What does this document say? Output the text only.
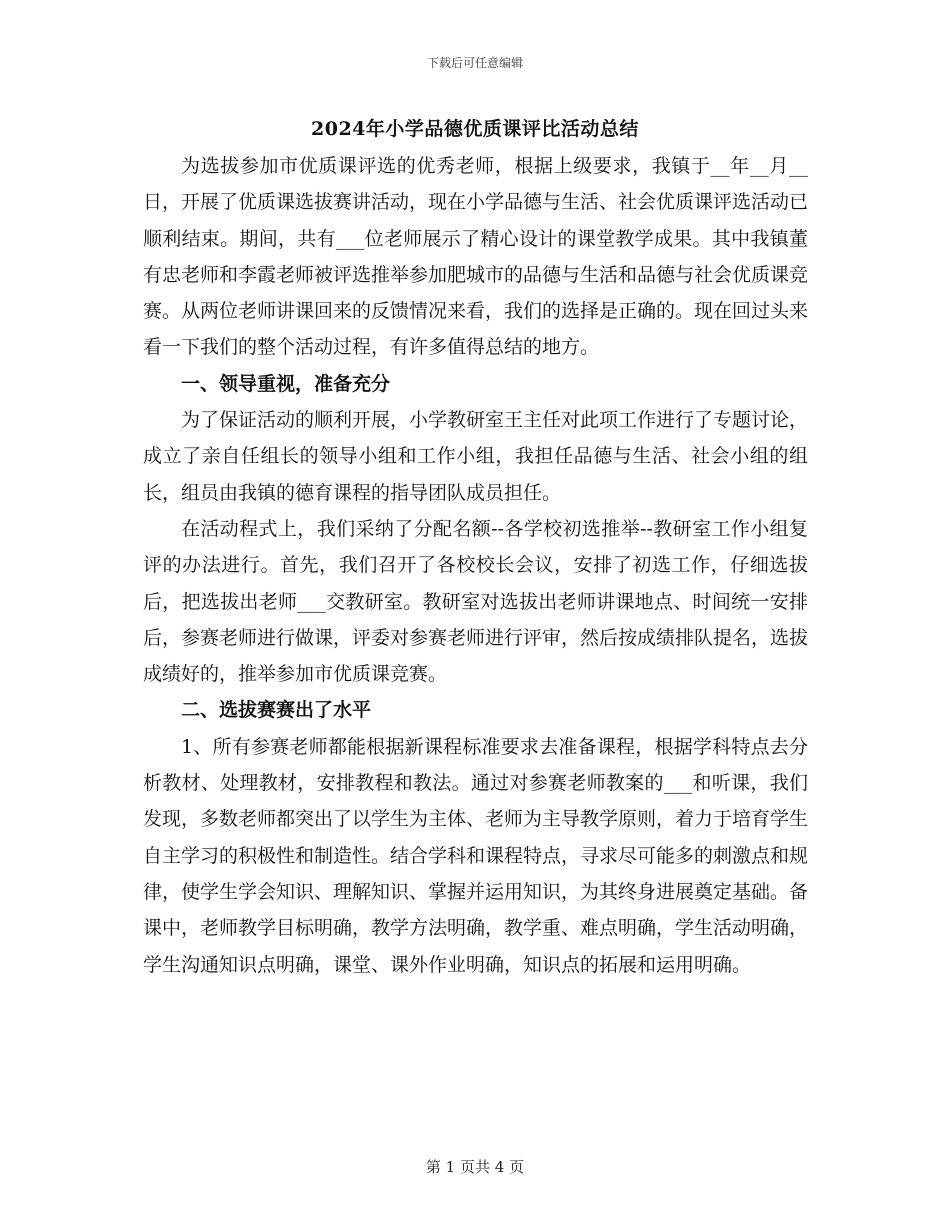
下载后可任意编辑
2024年小学品德优质课评比活动总结

为选拔参加市优质课评选的优秀老师，根据上级要求，我镇于__年__月__日，开展了优质课选拔赛讲活动，现在小学品德与生活、社会优质课评选活动已顺利结束。期间，共有___位老师展示了精心设计的课堂教学成果。其中我镇董有忠老师和李霞老师被评选推举参加肥城市的品德与生活和品德与社会优质课竞赛。从两位老师讲课回来的反馈情况来看，我们的选择是正确的。现在回过头来看一下我们的整个活动过程，有许多值得总结的地方。

一、领导重视，准备充分

为了保证活动的顺利开展，小学教研室王主任对此项工作进行了专题讨论，成立了亲自任组长的领导小组和工作小组，我担任品德与生活、社会小组的组长，组员由我镇的德育课程的指导团队成员担任。

在活动程式上，我们采纳了分配名额--各学校初选推举--教研室工作小组复评的办法进行。首先，我们召开了各校校长会议，安排了初选工作，仔细选拔后，把选拔出老师___交教研室。教研室对选拔出老师讲课地点、时间统一安排后，参赛老师进行做课，评委对参赛老师进行评审，然后按成绩排队提名，选拔成绩好的，推举参加市优质课竞赛。

二、选拔赛赛出了水平

1、所有参赛老师都能根据新课程标准要求去准备课程，根据学科特点去分析教材、处理教材，安排教程和教法。通过对参赛老师教案的___和听课，我们发现，多数老师都突出了以学生为主体、老师为主导教学原则，着力于培育学生自主学习的积极性和制造性。结合学科和课程特点，寻求尽可能多的刺激点和规律，使学生学会知识、理解知识、掌握并运用知识，为其终身进展奠定基础。备课中，老师教学目标明确，教学方法明确，教学重、难点明确，学生活动明确，学生沟通知识点明确，课堂、课外作业明确，知识点的拓展和运用明确。

第 1 页共 4 页
